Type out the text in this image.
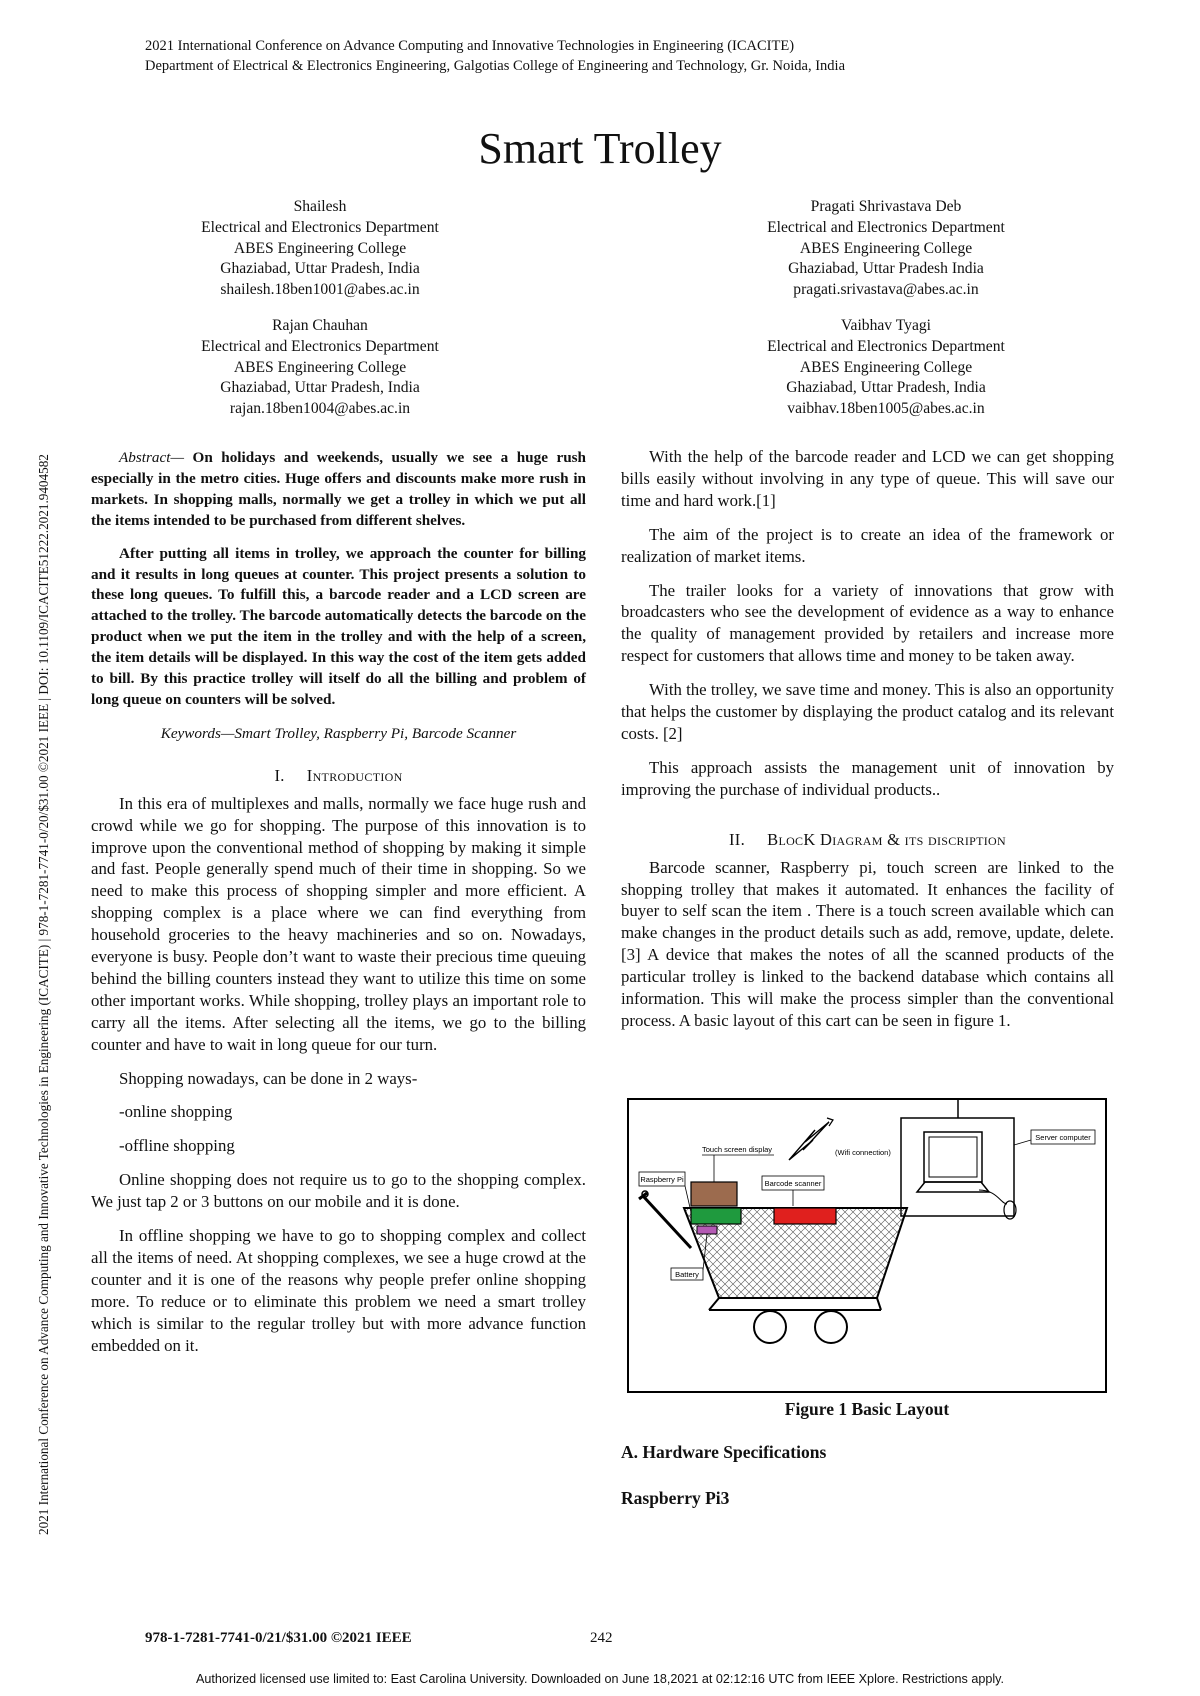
2021 International Conference on Advance Computing and Innovative Technologies in Engineering (ICACITE)
Department of Electrical & Electronics Engineering, Galgotias College of Engineering and Technology, Gr. Noida, India
2021 International Conference on Advance Computing and Innovative Technologies in Engineering (ICACITE) | 978-1-7281-7741-0/20/$31.00 ©2021 IEEE | DOI: 10.1109/ICACITE51222.2021.9404582
Smart Trolley
Shailesh
Electrical and Electronics Department
ABES Engineering College
Ghaziabad, Uttar Pradesh, India
shailesh.18ben1001@abes.ac.in
Pragati Shrivastava Deb
Electrical and Electronics Department
ABES Engineering College
Ghaziabad, Uttar Pradesh India
pragati.srivastava@abes.ac.in
Rajan Chauhan
Electrical and Electronics Department
ABES Engineering College
Ghaziabad, Uttar Pradesh, India
rajan.18ben1004@abes.ac.in
Vaibhav Tyagi
Electrical and Electronics Department
ABES Engineering College
Ghaziabad, Uttar Pradesh, India
vaibhav.18ben1005@abes.ac.in

Abstract— On holidays and weekends, usually we see a huge rush especially in the metro cities. Huge offers and discounts make more rush in markets. In shopping malls, normally we get a trolley in which we put all the items intended to be purchased from different shelves.

After putting all items in trolley, we approach the counter for billing and it results in long queues at counter. This project presents a solution to these long queues. To fulfill this, a barcode reader and a LCD screen are attached to the trolley. The barcode automatically detects the barcode on the product when we put the item in the trolley and with the help of a screen, the item details will be displayed. In this way the cost of the item gets added to bill. By this practice trolley will itself do all the billing and problem of long queue on counters will be solved.

Keywords—Smart Trolley, Raspberry Pi, Barcode Scanner

I. Introduction

In this era of multiplexes and malls, normally we face huge rush and crowd while we go for shopping. The purpose of this innovation is to improve upon the conventional method of shopping by making it simple and fast. People generally spend much of their time in shopping. So we need to make this process of shopping simpler and more efficient. A shopping complex is a place where we can find everything from household groceries to the heavy machineries and so on. Nowadays, everyone is busy. People don’t want to waste their precious time queuing behind the billing counters instead they want to utilize this time on some other important works. While shopping, trolley plays an important role to carry all the items. After selecting all the items, we go to the billing counter and have to wait in long queue for our turn.

Shopping nowadays, can be done in 2 ways-

-online shopping

-offline shopping

Online shopping does not require us to go to the shopping complex. We just tap 2 or 3 buttons on our mobile and it is done.

In offline shopping we have to go to shopping complex and collect all the items of need. At shopping complexes, we see a huge crowd at the counter and it is one of the reasons why people prefer online shopping more. To reduce or to eliminate this problem we need a smart trolley which is similar to the regular trolley but with more advance function embedded on it.

With the help of the barcode reader and LCD we can get shopping bills easily without involving in any type of queue. This will save our time and hard work.[1]

The aim of the project is to create an idea of the framework or realization of market items.

The trailer looks for a variety of innovations that grow with broadcasters who see the development of evidence as a way to enhance the quality of management provided by retailers and increase more respect for customers that allows time and money to be taken away.

With the trolley, we save time and money. This is also an opportunity that helps the customer by displaying the product catalog and its relevant costs. [2]

This approach assists the management unit of innovation by improving the purchase of individual products..

II. BlocK Diagram & its discription

Barcode scanner, Raspberry pi, touch screen are linked to the shopping trolley that makes it automated. It enhances the facility of buyer to self scan the item . There is a touch screen available which can make changes in the product details such as add, remove, update, delete.[3] A device that makes the notes of all the scanned products of the particular trolley is linked to the backend database which contains all information. This will make the process simpler than the conventional process. A basic layout of this cart can be seen in figure 1.

Server computer
(Wifi connection)
Touch screen display
Raspberry Pi	Barcode scanner
Battery
Figure 1 Basic Layout
A. Hardware Specifications
Raspberry Pi3
978-1-7281-7741-0/21/$31.00 ©2021 IEEE	242
Authorized licensed use limited to: East Carolina University. Downloaded on June 18,2021 at 02:12:16 UTC from IEEE Xplore. Restrictions apply.
